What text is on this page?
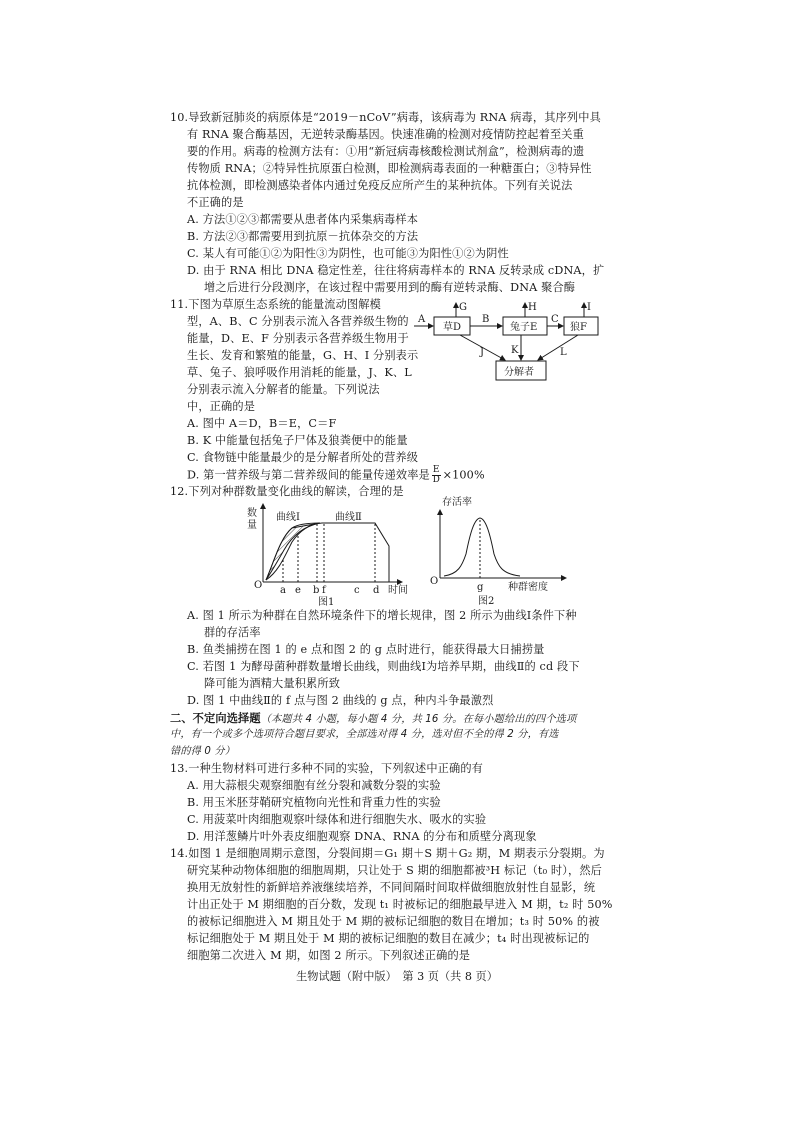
10.导致新冠肺炎的病原体是“2019－nCoV”病毒，该病毒为 RNA 病毒，其序列中具
有 RNA 聚合酶基因，无逆转录酶基因。快速准确的检测对疫情防控起着至关重
要的作用。病毒的检测方法有：①用“新冠病毒核酸检测试剂盒”，检测病毒的遗
传物质 RNA；②特异性抗原蛋白检测，即检测病毒表面的一种糖蛋白；③特异性
抗体检测，即检测感染者体内通过免疫反应所产生的某种抗体。下列有关说法
不正确的是
A. 方法①②③都需要从患者体内采集病毒样本
B. 方法②③都需要用到抗原－抗体杂交的方法
C. 某人有可能①②为阳性③为阴性，也可能③为阳性①②为阴性
D. 由于 RNA 相比 DNA 稳定性差，往往将病毒样本的 RNA 反转录成 cDNA，扩
增之后进行分段测序，在该过程中需要用到的酶有逆转录酶、DNA 聚合酶
11.下图为草原生态系统的能量流动图解模
型，A、B、C 分别表示流入各营养级生物的
能量，D、E、F 分别表示各营养级生物用于
生长、发育和繁殖的能量，G、H、I 分别表示
草、兔子、狼呼吸作用消耗的能量，J、K、L
分别表示流入分解者的能量。下列说法
中，正确的是
A. 图中 A＝D，B＝E，C＝F
B. K 中能量包括兔子尸体及狼粪便中的能量
C. 食物链中能量最少的是分解者所处的营养级
D. 第一营养级与第二营养级间的能量传递效率是 $\frac{E}{D} \times 100\%$
草D	兔子E	狼F
分解者
A	B	C
G	H	I
J	K	L
12.下列对种群数量变化曲线的解读，合理的是
数
量
曲线Ⅰ	曲线Ⅱ
O a e b f	c d 时间
图1
存活率
O
g 种群密度
图2
A. 图 1 所示为种群在自然环境条件下的增长规律，图 2 所示为曲线Ⅰ条件下种
群的存活率
B. 鱼类捕捞在图 1 的 e 点和图 2 的 g 点时进行，能获得最大日捕捞量
C. 若图 1 为酵母菌种群数量增长曲线，则曲线Ⅰ为培养早期，曲线Ⅱ的 cd 段下
降可能为酒精大量积累所致
D. 图 1 中曲线Ⅱ的 f 点与图 2 曲线的 g 点，种内斗争最激烈
二、不定向选择题（本题共 4 小题，每小题 4 分，共 16 分。在每小题给出的四个选项
中，有一个或多个选项符合题目要求，全部选对得 4 分，选对但不全的得 2 分，有选
错的得 0 分）
13.一种生物材料可进行多种不同的实验，下列叙述中正确的有
A. 用大蒜根尖观察细胞有丝分裂和减数分裂的实验
B. 用玉米胚芽鞘研究植物向光性和背重力性的实验
C. 用菠菜叶肉细胞观察叶绿体和进行细胞失水、吸水的实验
D. 用洋葱鳞片叶外表皮细胞观察 DNA、RNA 的分布和质壁分离现象
14.如图 1 是细胞周期示意图，分裂间期＝G₁ 期＋S 期＋G₂ 期，M 期表示分裂期。为
研究某种动物体细胞的细胞周期，只让处于 S 期的细胞都被³H 标记（t₀ 时），然后
换用无放射性的新鲜培养液继续培养，不同间隔时间取样做细胞放射性自显影，统
计出正处于 M 期细胞的百分数，发现 t₁ 时被标记的细胞最早进入 M 期，t₂ 时 50%
的被标记细胞进入 M 期且处于 M 期的被标记细胞的数目在增加；t₃ 时 50% 的被
标记细胞处于 M 期且处于 M 期的被标记细胞的数目在减少；t₄ 时出现被标记的
细胞第二次进入 M 期，如图 2 所示。下列叙述正确的是
生物试题（附中版）　第 3 页（共 8 页）
